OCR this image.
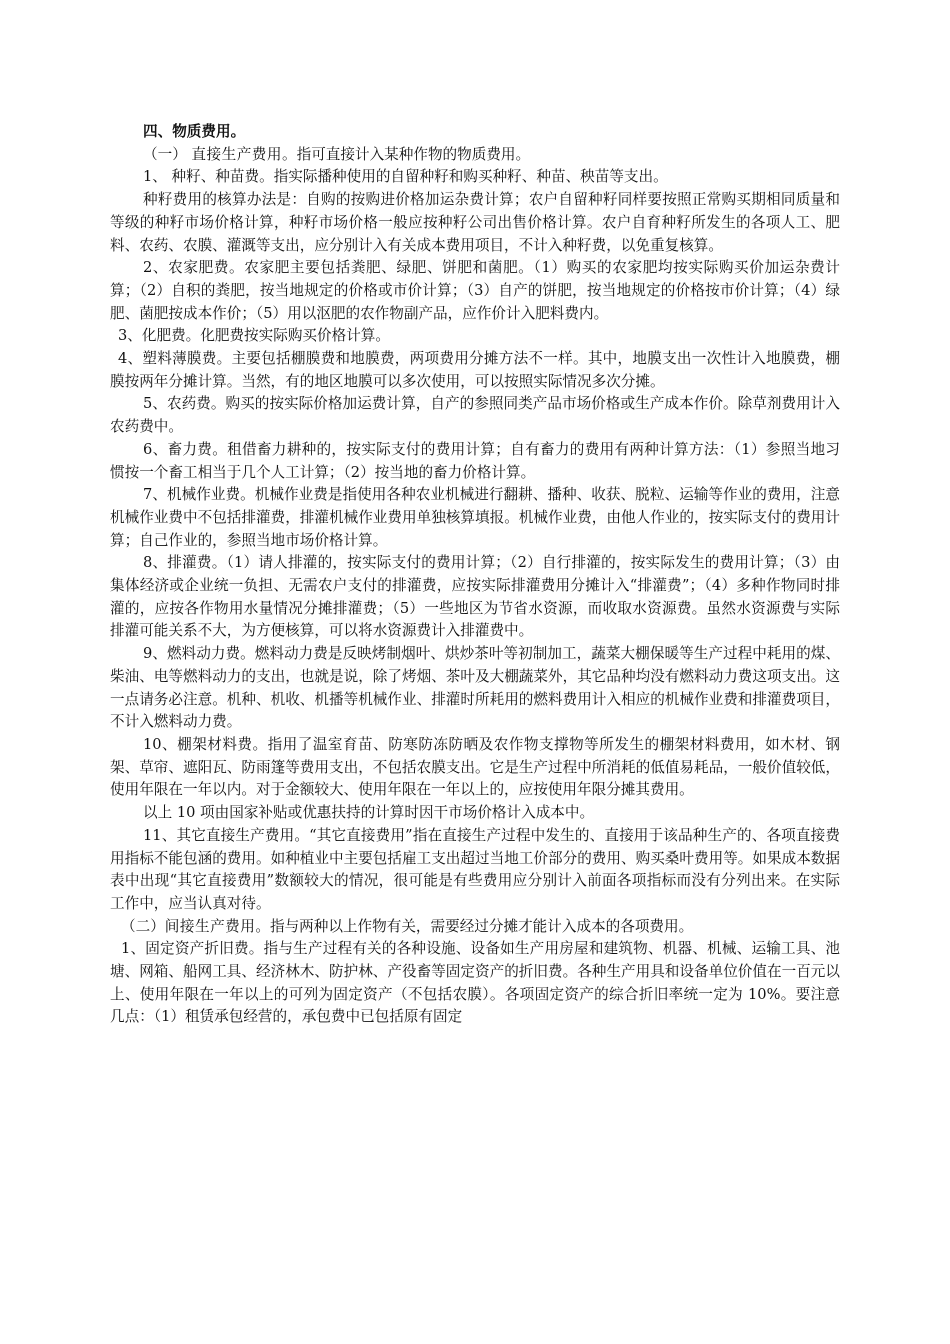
四、物质费用。

（一） 直接生产费用。指可直接计入某种作物的物质费用。

1、 种籽、种苗费。指实际播种使用的自留种籽和购买种籽、种苗、秧苗等支出。

种籽费用的核算办法是：自购的按购进价格加运杂费计算；农户自留种籽同样要按照正常购买期相同质量和等级的种籽市场价格计算，种籽市场价格一般应按种籽公司出售价格计算。农户自育种籽所发生的各项人工、肥料、农药、农膜、灌溉等支出，应分别计入有关成本费用项目，不计入种籽费，以免重复核算。

2、农家肥费。农家肥主要包括粪肥、绿肥、饼肥和菌肥。（1）购买的农家肥均按实际购买价加运杂费计算；（2）自积的粪肥，按当地规定的价格或市价计算；（3）自产的饼肥，按当地规定的价格按市价计算；（4）绿肥、菌肥按成本作价；（5）用以沤肥的农作物副产品，应作价计入肥料费内。

3、化肥费。化肥费按实际购买价格计算。

4、塑料薄膜费。主要包括棚膜费和地膜费，两项费用分摊方法不一样。其中，地膜支出一次性计入地膜费，棚膜按两年分摊计算。当然，有的地区地膜可以多次使用，可以按照实际情况多次分摊。

5、农药费。购买的按实际价格加运费计算，自产的参照同类产品市场价格或生产成本作价。除草剂费用计入农药费中。

6、畜力费。租借畜力耕种的，按实际支付的费用计算；自有畜力的费用有两种计算方法：（1）参照当地习惯按一个畜工相当于几个人工计算；（2）按当地的畜力价格计算。

7、机械作业费。机械作业费是指使用各种农业机械进行翻耕、播种、收获、脱粒、运输等作业的费用，注意机械作业费中不包括排灌费，排灌机械作业费用单独核算填报。机械作业费，由他人作业的，按实际支付的费用计算；自己作业的，参照当地市场价格计算。

8、排灌费。（1）请人排灌的，按实际支付的费用计算；（2）自行排灌的，按实际发生的费用计算；（3）由集体经济或企业统一负担、无需农户支付的排灌费，应按实际排灌费用分摊计入“排灌费”；（4）多种作物同时排灌的，应按各作物用水量情况分摊排灌费；（5）一些地区为节省水资源，而收取水资源费。虽然水资源费与实际排灌可能关系不大，为方便核算，可以将水资源费计入排灌费中。

9、燃料动力费。燃料动力费是反映烤制烟叶、烘炒茶叶等初制加工，蔬菜大棚保暖等生产过程中耗用的煤、柴油、电等燃料动力的支出，也就是说，除了烤烟、茶叶及大棚蔬菜外，其它品种均没有燃料动力费这项支出。这一点请务必注意。机种、机收、机播等机械作业、排灌时所耗用的燃料费用计入相应的机械作业费和排灌费项目，不计入燃料动力费。

10、棚架材料费。指用了温室育苗、防寒防冻防晒及农作物支撑物等所发生的棚架材料费用，如木材、钢架、草帘、遮阳瓦、防雨篷等费用支出，不包括农膜支出。它是生产过程中所消耗的低值易耗品，一般价值较低，使用年限在一年以内。对于金额较大、使用年限在一年以上的，应按使用年限分摊其费用。

以上 10 项由国家补贴或优惠扶持的计算时因干市场价格计入成本中。

11、其它直接生产费用。“其它直接费用”指在直接生产过程中发生的、直接用于该品种生产的、各项直接费用指标不能包涵的费用。如种植业中主要包括雇工支出超过当地工价部分的费用、购买桑叶费用等。如果成本数据表中出现“其它直接费用”数额较大的情况，很可能是有些费用应分别计入前面各项指标而没有分列出来。在实际工作中，应当认真对待。

（二）间接生产费用。指与两种以上作物有关，需要经过分摊才能计入成本的各项费用。

1、固定资产折旧费。指与生产过程有关的各种设施、设备如生产用房屋和建筑物、机器、机械、运输工具、池塘、网箱、船网工具、经济林木、防护林、产役畜等固定资产的折旧费。各种生产用具和设备单位价值在一百元以上、使用年限在一年以上的可列为固定资产（不包括农膜）。各项固定资产的综合折旧率统一定为 10%。要注意几点：（1）租赁承包经营的，承包费中已包括原有固定
